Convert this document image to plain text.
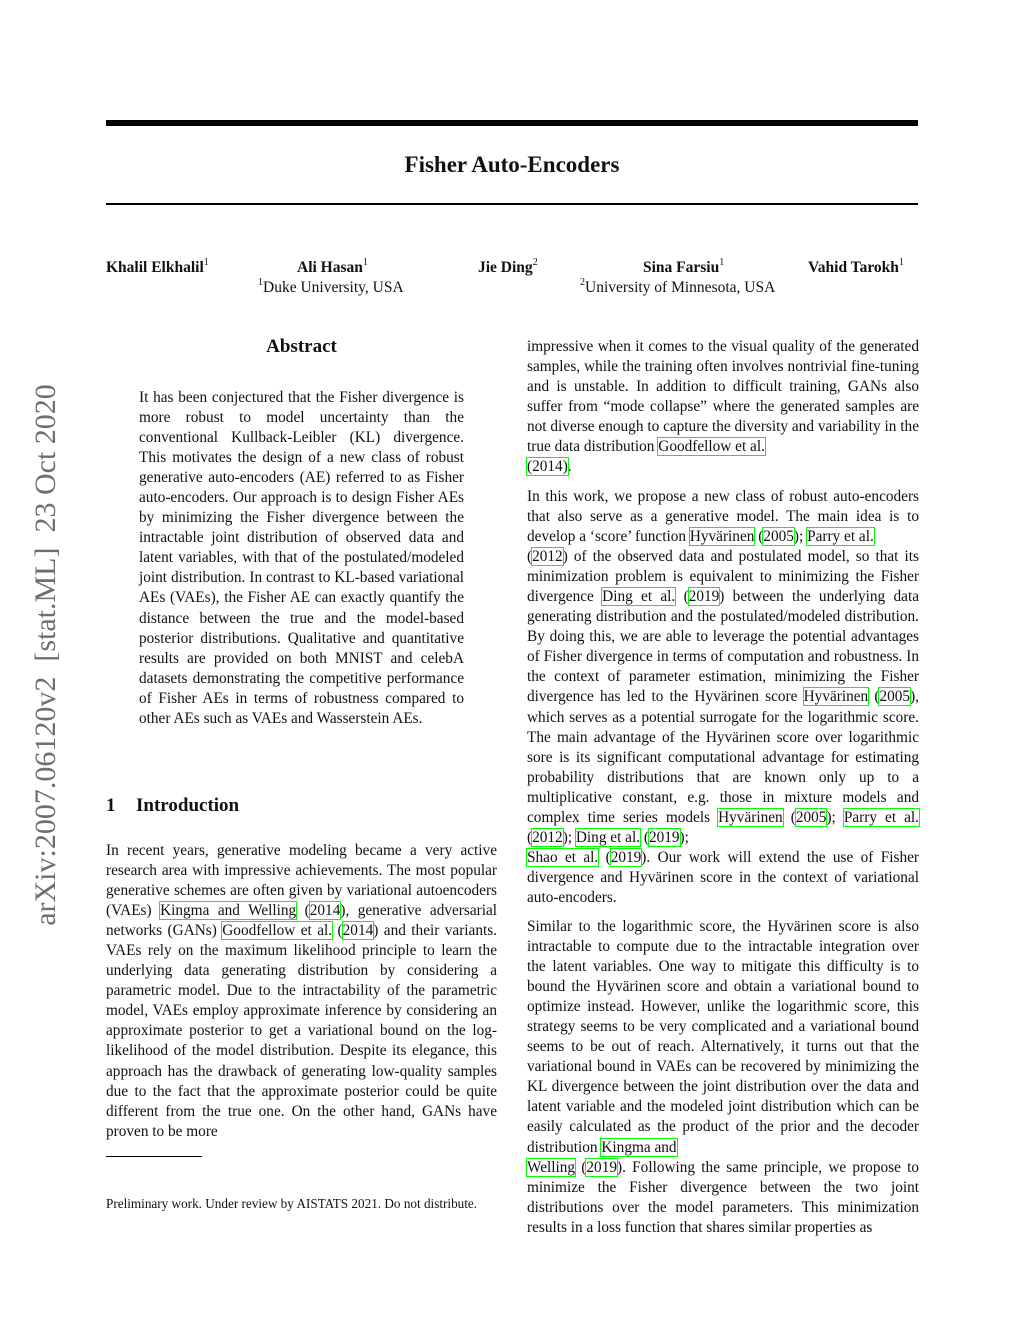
arXiv:2007.06120v2  [stat.ML]  23 Oct 2020
Fisher Auto-Encoders
Khalil Elkhalil$^1$	Ali Hasan$^1$	Jie Ding$^2$	Sina Farsiu$^1$	Vahid Tarokh$^1$
$^1$Duke University, USA	$^2$University of Minnesota, USA
Abstract
It has been conjectured that the Fisher divergence is more robust to model uncertainty than the conventional Kullback-Leibler (KL) divergence. This motivates the design of a new class of robust generative auto-encoders (AE) referred to as Fisher auto-encoders. Our approach is to design Fisher AEs by minimizing the Fisher divergence between the intractable joint distribution of observed data and latent variables, with that of the postulated/modeled joint distribution. In contrast to KL-based variational AEs (VAEs), the Fisher AE can exactly quantify the distance between the true and the model-based posterior distributions. Qualitative and quantitative results are provided on both MNIST and celebA datasets demonstrating the competitive performance of Fisher AEs in terms of robustness compared to other AEs such as VAEs and Wasserstein AEs.
1 Introduction
In recent years, generative modeling became a very active research area with impressive achievements. The most popular generative schemes are often given by variational autoencoders (VAEs) Kingma and Welling (2014), generative adversarial networks (GANs) Goodfellow et al. (2014) and their variants. VAEs rely on the maximum likelihood principle to learn the underlying data generating distribution by considering a parametric model. Due to the intractability of the parametric model, VAEs employ approximate inference by considering an approximate posterior to get a variational bound on the log-likelihood of the model distribution. Despite its elegance, this approach has the drawback of generating low-quality samples due to the fact that the approximate posterior could be quite different from the true one. On the other hand, GANs have proven to be more
Preliminary work. Under review by AISTATS 2021. Do not distribute.
impressive when it comes to the visual quality of the generated samples, while the training often involves nontrivial fine-tuning and is unstable. In addition to difficult training, GANs also suffer from “mode collapse” where the generated samples are not diverse enough to capture the diversity and variability in the true data distribution Goodfellow et al.
(2014).
In this work, we propose a new class of robust auto-encoders that also serve as a generative model. The main idea is to develop a ‘score’ function Hyvärinen (2005); Parry et al.
(2012) of the observed data and postulated model, so that its minimization problem is equivalent to minimizing the Fisher divergence Ding et al. (2019) between the underlying data generating distribution and the postulated/modeled distribution. By doing this, we are able to leverage the potential advantages of Fisher divergence in terms of computation and robustness. In the context of parameter estimation, minimizing the Fisher divergence has led to the Hyvärinen score Hyvärinen (2005), which serves as a potential surrogate for the logarithmic score. The main advantage of the Hyvärinen score over logarithmic sore is its significant computational advantage for estimating probability distributions that are known only up to a multiplicative constant, e.g. those in mixture models and complex time series models Hyvärinen (2005); Parry et al. (2012); Ding et al. (2019);
Shao et al. (2019). Our work will extend the use of Fisher divergence and Hyvärinen score in the context of variational auto-encoders.
Similar to the logarithmic score, the Hyvärinen score is also intractable to compute due to the intractable integration over the latent variables. One way to mitigate this difficulty is to bound the Hyvärinen score and obtain a variational bound to optimize instead. However, unlike the logarithmic score, this strategy seems to be very complicated and a variational bound seems to be out of reach. Alternatively, it turns out that the variational bound in VAEs can be recovered by minimizing the KL divergence between the joint distribution over the data and latent variable and the modeled joint distribution which can be easily calculated as the product of the prior and the decoder distribution Kingma and
Welling (2019). Following the same principle, we propose to minimize the Fisher divergence between the two joint distributions over the model parameters. This minimization results in a loss function that shares similar properties as
